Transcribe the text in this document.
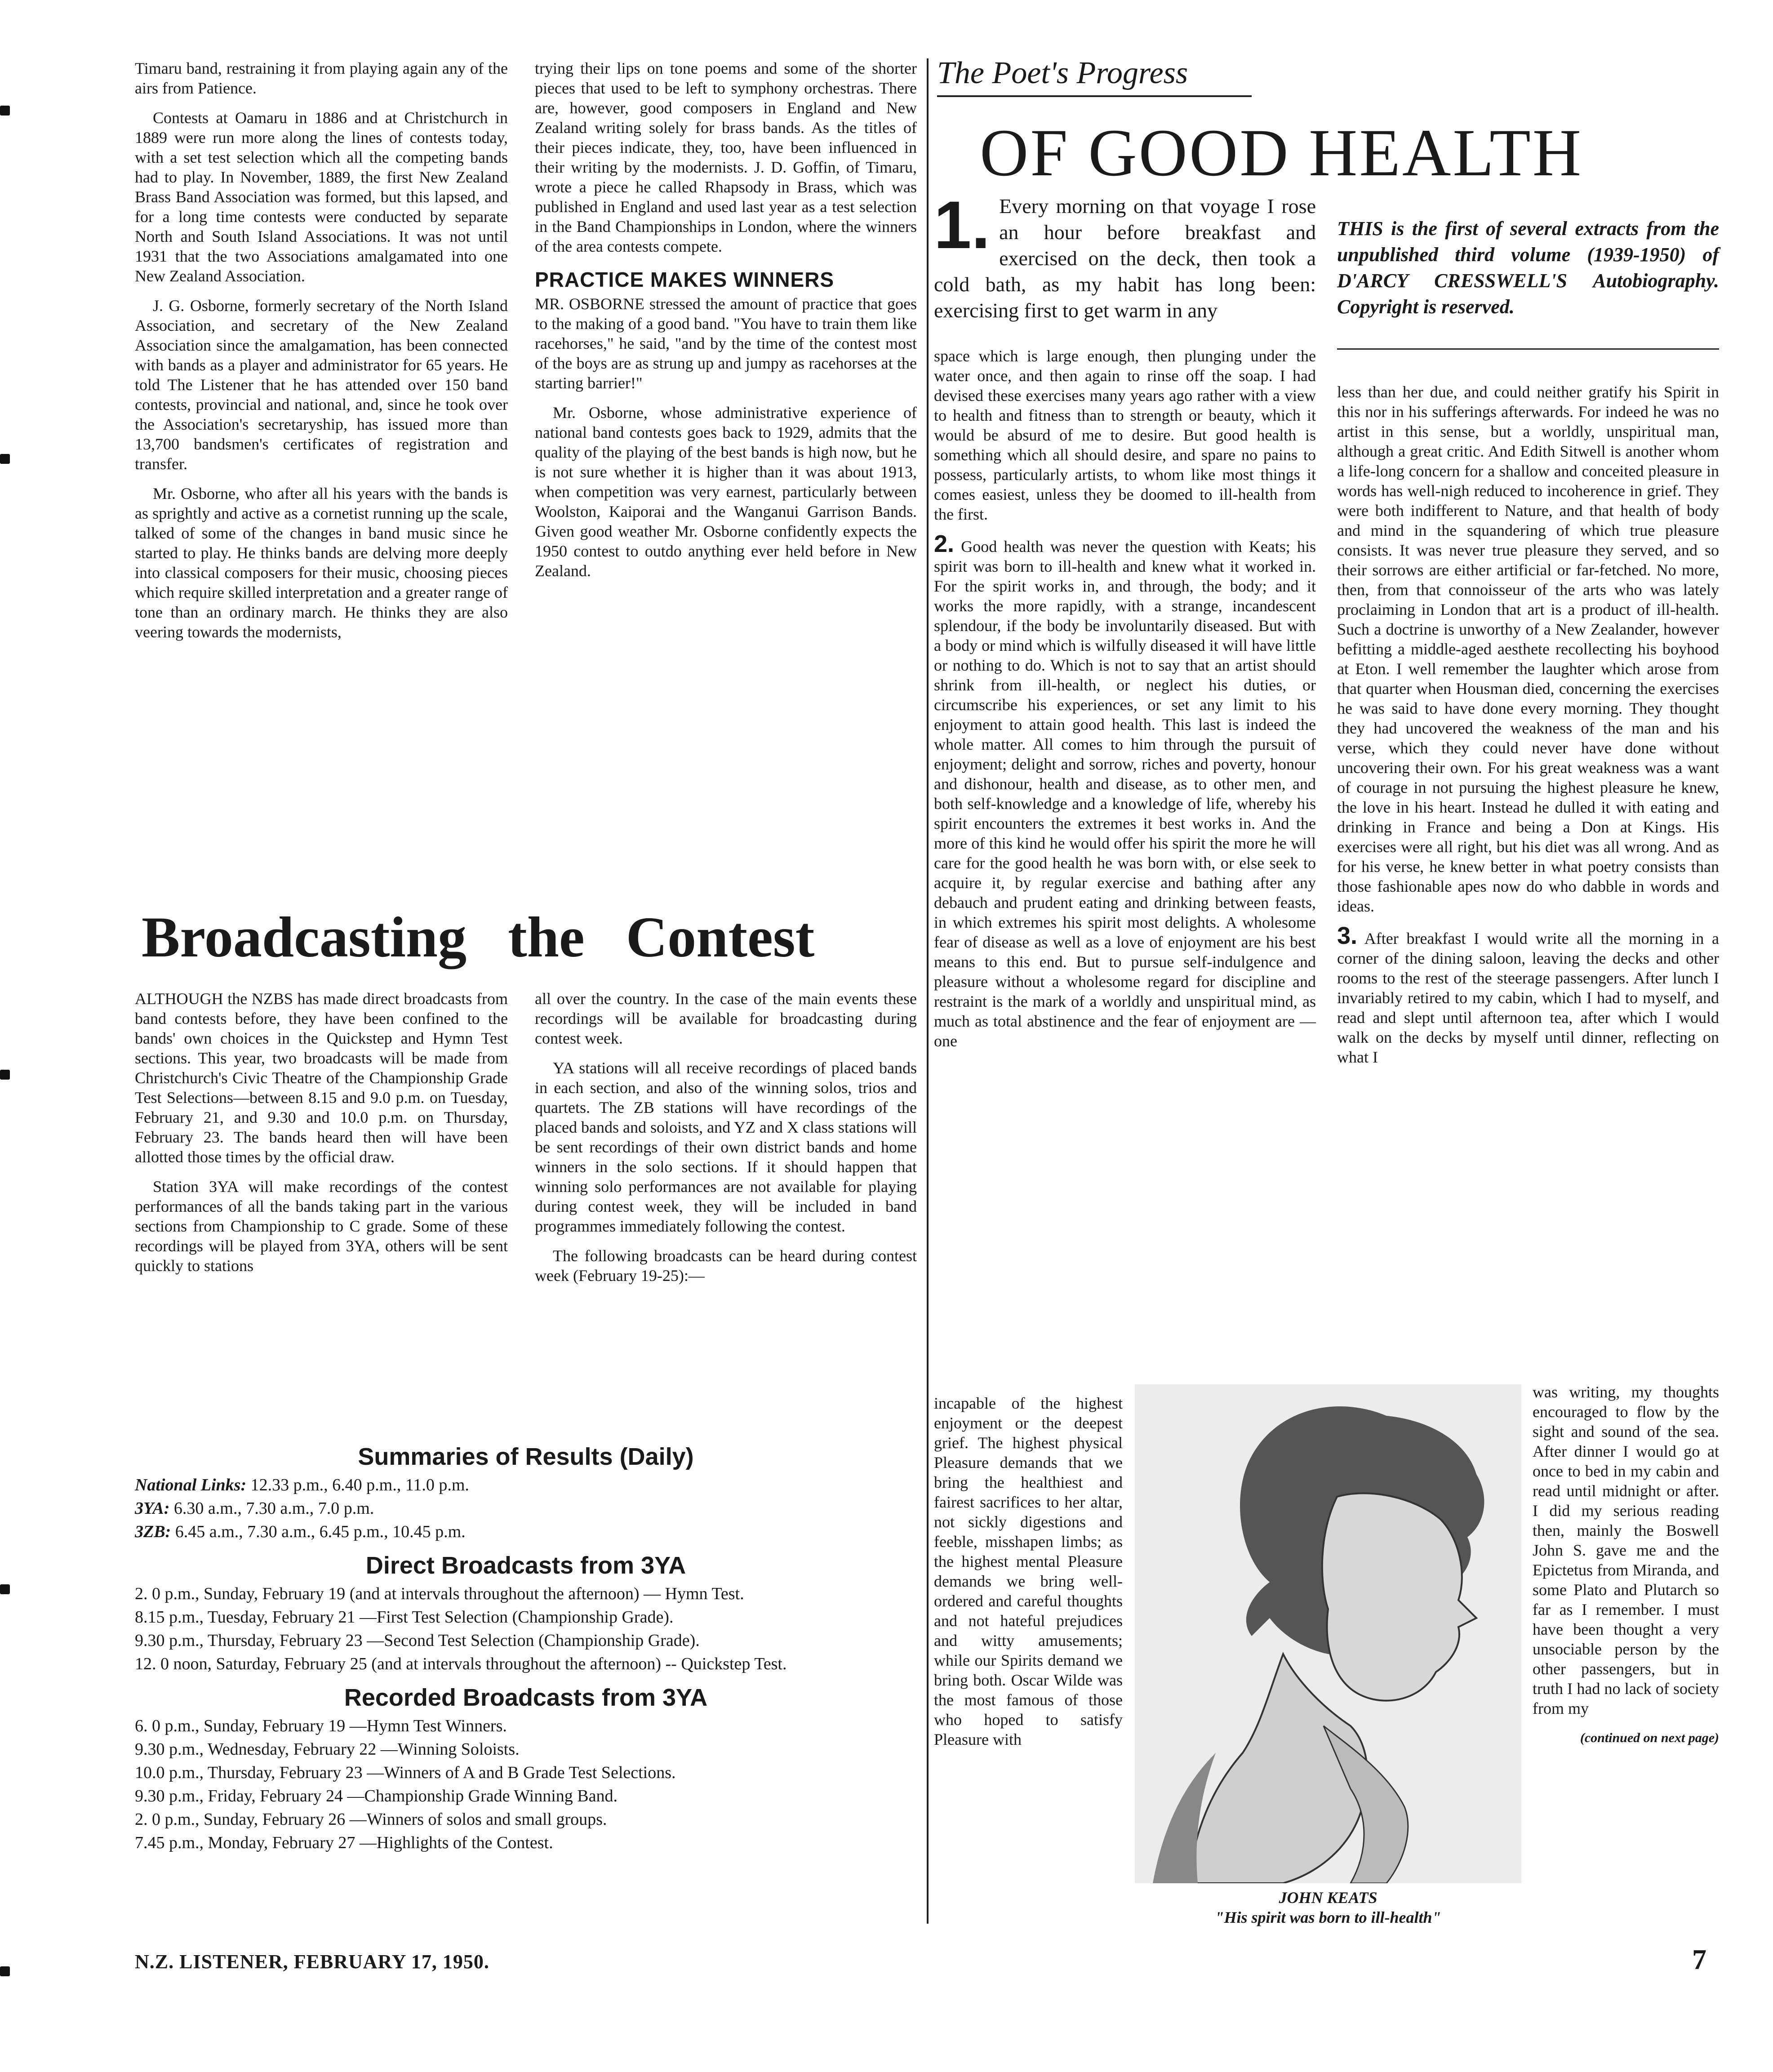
Timaru band, restraining it from playing again any of the airs from Patience.

Contests at Oamaru in 1886 and at Christchurch in 1889 were run more along the lines of contests today, with a set test selection which all the competing bands had to play. In November, 1889, the first New Zealand Brass Band Association was formed, but this lapsed, and for a long time contests were conducted by separate North and South Island Associations. It was not until 1931 that the two Associations amalgamated into one New Zealand Association.

J. G. Osborne, formerly secretary of the North Island Association, and secretary of the New Zealand Association since the amalgamation, has been connected with bands as a player and administrator for 65 years. He told The Listener that he has attended over 150 band contests, provincial and national, and, since he took over the Association's secretaryship, has issued more than 13,700 bandsmen's certificates of registration and transfer.

Mr. Osborne, who after all his years with the bands is as sprightly and active as a cornetist running up the scale, talked of some of the changes in band music since he started to play. He thinks bands are delving more deeply into classical composers for their music, choosing pieces which require skilled interpretation and a greater range of tone than an ordinary march. He thinks they are also veering towards the modernists,

trying their lips on tone poems and some of the shorter pieces that used to be left to symphony orchestras. There are, however, good composers in England and New Zealand writing solely for brass bands. As the titles of their pieces indicate, they, too, have been influenced in their writing by the modernists. J. D. Goffin, of Timaru, wrote a piece he called Rhapsody in Brass, which was published in England and used last year as a test selection in the Band Championships in London, where the winners of the area contests compete.

PRACTICE MAKES WINNERS

MR. OSBORNE stressed the amount of practice that goes to the making of a good band. "You have to train them like racehorses," he said, "and by the time of the contest most of the boys are as strung up and jumpy as racehorses at the starting barrier!"

Mr. Osborne, whose administrative experience of national band contests goes back to 1929, admits that the quality of the playing of the best bands is high now, but he is not sure whether it is higher than it was about 1913, when competition was very earnest, particularly between Woolston, Kaiporai and the Wanganui Garrison Bands. Given good weather Mr. Osborne confidently expects the 1950 contest to outdo anything ever held before in New Zealand.

Broadcasting the Contest

ALTHOUGH the NZBS has made direct broadcasts from band contests before, they have been confined to the bands' own choices in the Quickstep and Hymn Test sections. This year, two broadcasts will be made from Christchurch's Civic Theatre of the Championship Grade Test Selections—between 8.15 and 9.0 p.m. on Tuesday, February 21, and 9.30 and 10.0 p.m. on Thursday, February 23. The bands heard then will have been allotted those times by the official draw.

Station 3YA will make recordings of the contest performances of all the bands taking part in the various sections from Championship to C grade. Some of these recordings will be played from 3YA, others will be sent quickly to stations

all over the country. In the case of the main events these recordings will be available for broadcasting during contest week.

YA stations will all receive recordings of placed bands in each section, and also of the winning solos, trios and quartets. The ZB stations will have recordings of the placed bands and soloists, and YZ and X class stations will be sent recordings of their own district bands and home winners in the solo sections. If it should happen that winning solo performances are not available for playing during contest week, they will be included in band programmes immediately following the contest.

The following broadcasts can be heard during contest week (February 19-25):—

Summaries of Results (Daily)
National Links: 12.33 p.m., 6.40 p.m., 11.0 p.m.
3YA: 6.30 a.m., 7.30 a.m., 7.0 p.m.
3ZB: 6.45 a.m., 7.30 a.m., 6.45 p.m., 10.45 p.m.
Direct Broadcasts from 3YA
2. 0 p.m., Sunday, February 19 (and at intervals throughout the afternoon) — Hymn Test.
8.15 p.m., Tuesday, February 21 —First Test Selection (Championship Grade).
9.30 p.m., Thursday, February 23 —Second Test Selection (Championship Grade).
12. 0 noon, Saturday, February 25 (and at intervals throughout the afternoon) -- Quickstep Test.
Recorded Broadcasts from 3YA
6. 0 p.m., Sunday, February 19 —Hymn Test Winners.
9.30 p.m., Wednesday, February 22 —Winning Soloists.
10.0 p.m., Thursday, February 23 —Winners of A and B Grade Test Selections.
9.30 p.m., Friday, February 24 —Championship Grade Winning Band.
2. 0 p.m., Sunday, February 26 —Winners of solos and small groups.
7.45 p.m., Monday, February 27 —Highlights of the Contest.
The Poet's Progress
OF GOOD HEALTH
1. Every morning on that voyage I rose an hour before breakfast and exercised on the deck, then took a cold bath, as my habit has long been: exercising first to get warm in any
THIS is the first of several extracts from the unpublished third volume (1939-1950) of D'ARCY CRESSWELL'S Autobiography. Copyright is reserved.

space which is large enough, then plunging under the water once, and then again to rinse off the soap. I had devised these exercises many years ago rather with a view to health and fitness than to strength or beauty, which it would be absurd of me to desire. But good health is something which all should desire, and spare no pains to possess, particularly artists, to whom like most things it comes easiest, unless they be doomed to ill-health from the first.

2. Good health was never the question with Keats; his spirit was born to ill-health and knew what it worked in. For the spirit works in, and through, the body; and it works the more rapidly, with a strange, incandescent splendour, if the body be involuntarily diseased. But with a body or mind which is wilfully diseased it will have little or nothing to do. Which is not to say that an artist should shrink from ill-health, or neglect his duties, or circumscribe his experiences, or set any limit to his enjoyment to attain good health. This last is indeed the whole matter. All comes to him through the pursuit of enjoyment; delight and sorrow, riches and poverty, honour and dishonour, health and disease, as to other men, and both self-knowledge and a knowledge of life, whereby his spirit encounters the extremes it best works in. And the more of this kind he would offer his spirit the more he will care for the good health he was born with, or else seek to acquire it, by regular exercise and bathing after any debauch and prudent eating and drinking between feasts, in which extremes his spirit most delights. A wholesome fear of disease as well as a love of enjoyment are his best means to this end. But to pursue self-indulgence and pleasure without a wholesome regard for discipline and restraint is the mark of a worldly and unspiritual mind, as much as total abstinence and the fear of enjoyment are — one

incapable of the highest enjoyment or the deepest grief. The highest physical Pleasure demands that we bring the healthiest and fairest sacrifices to her altar, not sickly digestions and feeble, misshapen limbs; as the highest mental Pleasure demands we bring well-ordered and careful thoughts and not hateful prejudices and witty amusements; while our Spirits demand we bring both. Oscar Wilde was the most famous of those who hoped to satisfy Pleasure with

less than her due, and could neither gratify his Spirit in this nor in his sufferings afterwards. For indeed he was no artist in this sense, but a worldly, unspiritual man, although a great critic. And Edith Sitwell is another whom a life-long concern for a shallow and conceited pleasure in words has well-nigh reduced to incoherence in grief. They were both indifferent to Nature, and that health of body and mind in the squandering of which true pleasure consists. It was never true pleasure they served, and so their sorrows are either artificial or far-fetched. No more, then, from that connoisseur of the arts who was lately proclaiming in London that art is a product of ill-health. Such a doctrine is unworthy of a New Zealander, however befitting a middle-aged aesthete recollecting his boyhood at Eton. I well remember the laughter which arose from that quarter when Housman died, concerning the exercises he was said to have done every morning. They thought they had uncovered the weakness of the man and his verse, which they could never have done without uncovering their own. For his great weakness was a want of courage in not pursuing the highest pleasure he knew, the love in his heart. Instead he dulled it with eating and drinking in France and being a Don at Kings. His exercises were all right, but his diet was all wrong. And as for his verse, he knew better in what poetry consists than those fashionable apes now do who dabble in words and ideas.

3. After breakfast I would write all the morning in a corner of the dining saloon, leaving the decks and other rooms to the rest of the steerage passengers. After lunch I invariably retired to my cabin, which I had to myself, and read and slept until afternoon tea, after which I would walk on the decks by myself until dinner, reflecting on what I

was writing, my thoughts encouraged to flow by the sight and sound of the sea. After dinner I would go at once to bed in my cabin and read until midnight or after. I did my serious reading then, mainly the Boswell John S. gave me and the Epictetus from Miranda, and some Plato and Plutarch so far as I remember. I must have been thought a very unsociable person by the other passengers, but in truth I had no lack of society from my

(continued on next page)

JOHN KEATS
"His spirit was born to ill-health"
N.Z. LISTENER, FEBRUARY 17, 1950.	7
